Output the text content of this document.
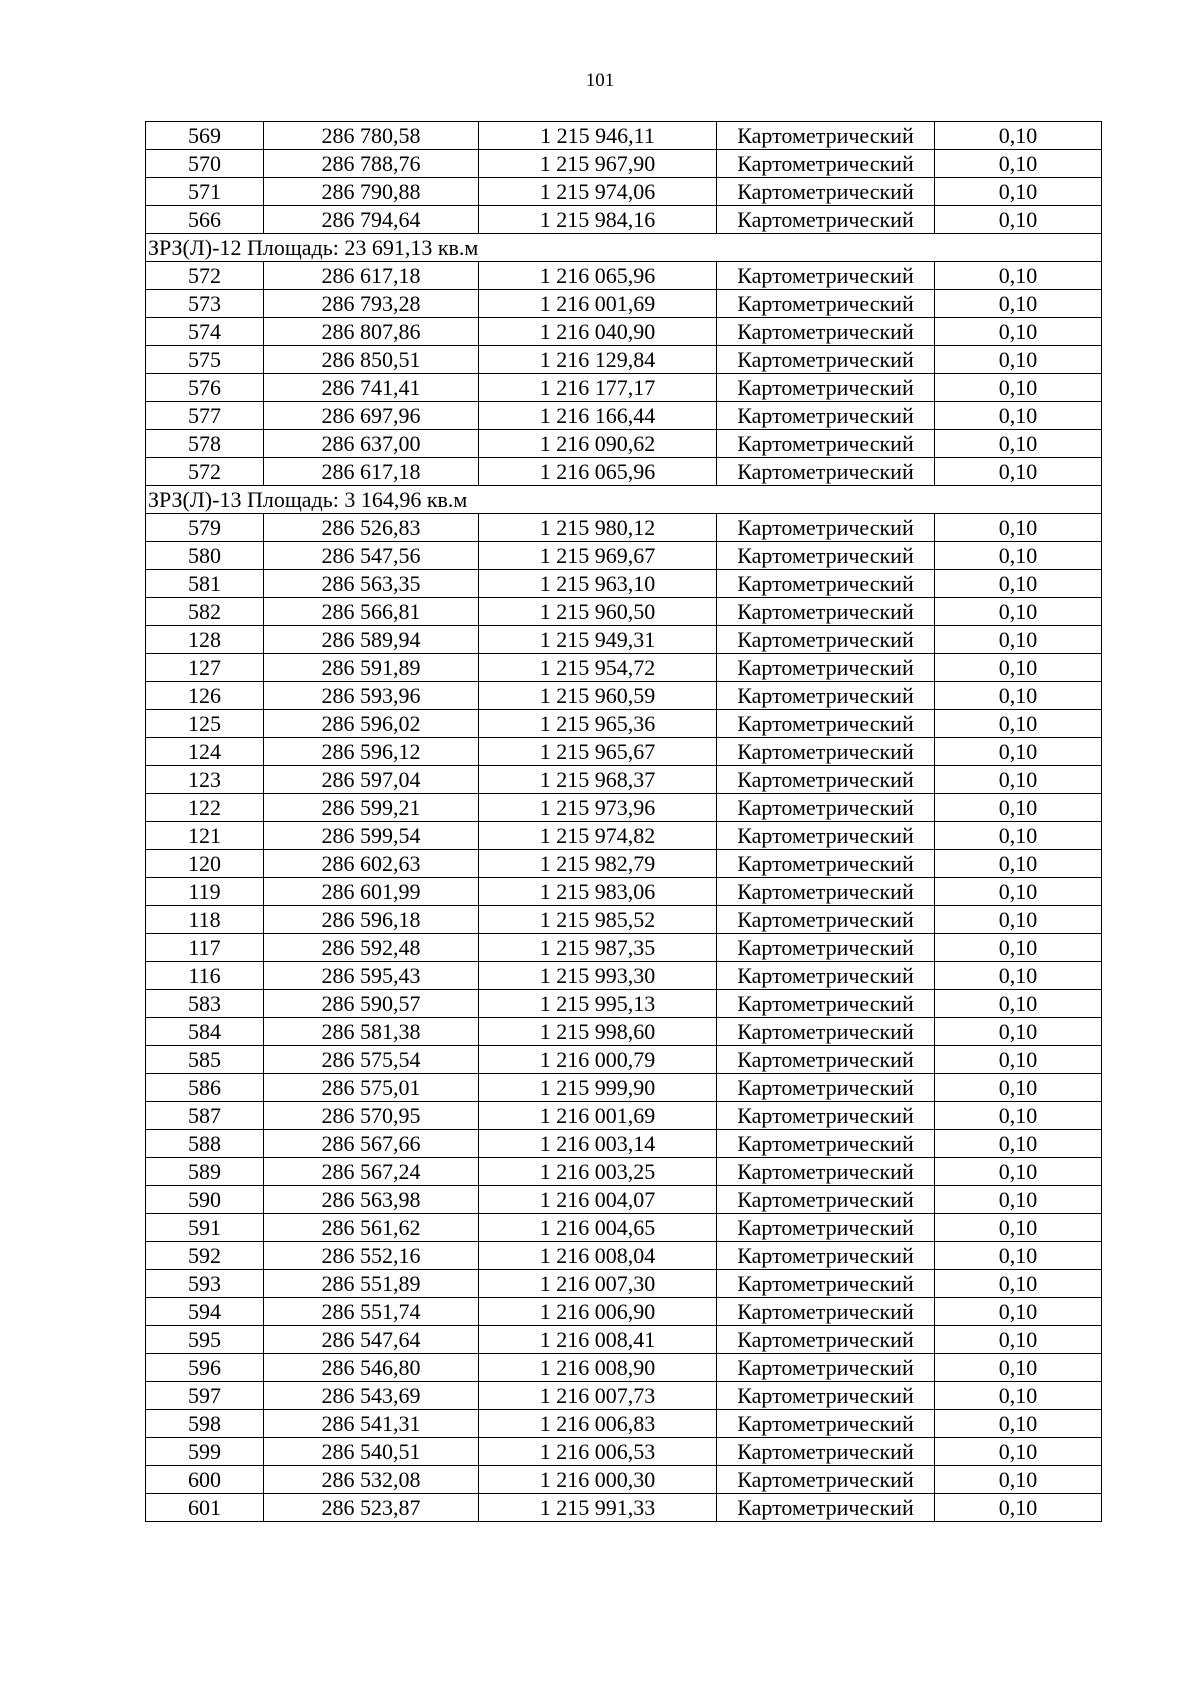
101
569	286 780,58	1 215 946,11	Картометрический	0,10
570	286 788,76	1 215 967,90	Картометрический	0,10
571	286 790,88	1 215 974,06	Картометрический	0,10
566	286 794,64	1 215 984,16	Картометрический	0,10
ЗРЗ(Л)-12 Площадь: 23 691,13 кв.м				
572	286 617,18	1 216 065,96	Картометрический	0,10
573	286 793,28	1 216 001,69	Картометрический	0,10
574	286 807,86	1 216 040,90	Картометрический	0,10
575	286 850,51	1 216 129,84	Картометрический	0,10
576	286 741,41	1 216 177,17	Картометрический	0,10
577	286 697,96	1 216 166,44	Картометрический	0,10
578	286 637,00	1 216 090,62	Картометрический	0,10
572	286 617,18	1 216 065,96	Картометрический	0,10
ЗРЗ(Л)-13 Площадь: 3 164,96 кв.м				
579	286 526,83	1 215 980,12	Картометрический	0,10
580	286 547,56	1 215 969,67	Картометрический	0,10
581	286 563,35	1 215 963,10	Картометрический	0,10
582	286 566,81	1 215 960,50	Картометрический	0,10
128	286 589,94	1 215 949,31	Картометрический	0,10
127	286 591,89	1 215 954,72	Картометрический	0,10
126	286 593,96	1 215 960,59	Картометрический	0,10
125	286 596,02	1 215 965,36	Картометрический	0,10
124	286 596,12	1 215 965,67	Картометрический	0,10
123	286 597,04	1 215 968,37	Картометрический	0,10
122	286 599,21	1 215 973,96	Картометрический	0,10
121	286 599,54	1 215 974,82	Картометрический	0,10
120	286 602,63	1 215 982,79	Картометрический	0,10
119	286 601,99	1 215 983,06	Картометрический	0,10
118	286 596,18	1 215 985,52	Картометрический	0,10
117	286 592,48	1 215 987,35	Картометрический	0,10
116	286 595,43	1 215 993,30	Картометрический	0,10
583	286 590,57	1 215 995,13	Картометрический	0,10
584	286 581,38	1 215 998,60	Картометрический	0,10
585	286 575,54	1 216 000,79	Картометрический	0,10
586	286 575,01	1 215 999,90	Картометрический	0,10
587	286 570,95	1 216 001,69	Картометрический	0,10
588	286 567,66	1 216 003,14	Картометрический	0,10
589	286 567,24	1 216 003,25	Картометрический	0,10
590	286 563,98	1 216 004,07	Картометрический	0,10
591	286 561,62	1 216 004,65	Картометрический	0,10
592	286 552,16	1 216 008,04	Картометрический	0,10
593	286 551,89	1 216 007,30	Картометрический	0,10
594	286 551,74	1 216 006,90	Картометрический	0,10
595	286 547,64	1 216 008,41	Картометрический	0,10
596	286 546,80	1 216 008,90	Картометрический	0,10
597	286 543,69	1 216 007,73	Картометрический	0,10
598	286 541,31	1 216 006,83	Картометрический	0,10
599	286 540,51	1 216 006,53	Картометрический	0,10
600	286 532,08	1 216 000,30	Картометрический	0,10
601	286 523,87	1 215 991,33	Картометрический	0,10
